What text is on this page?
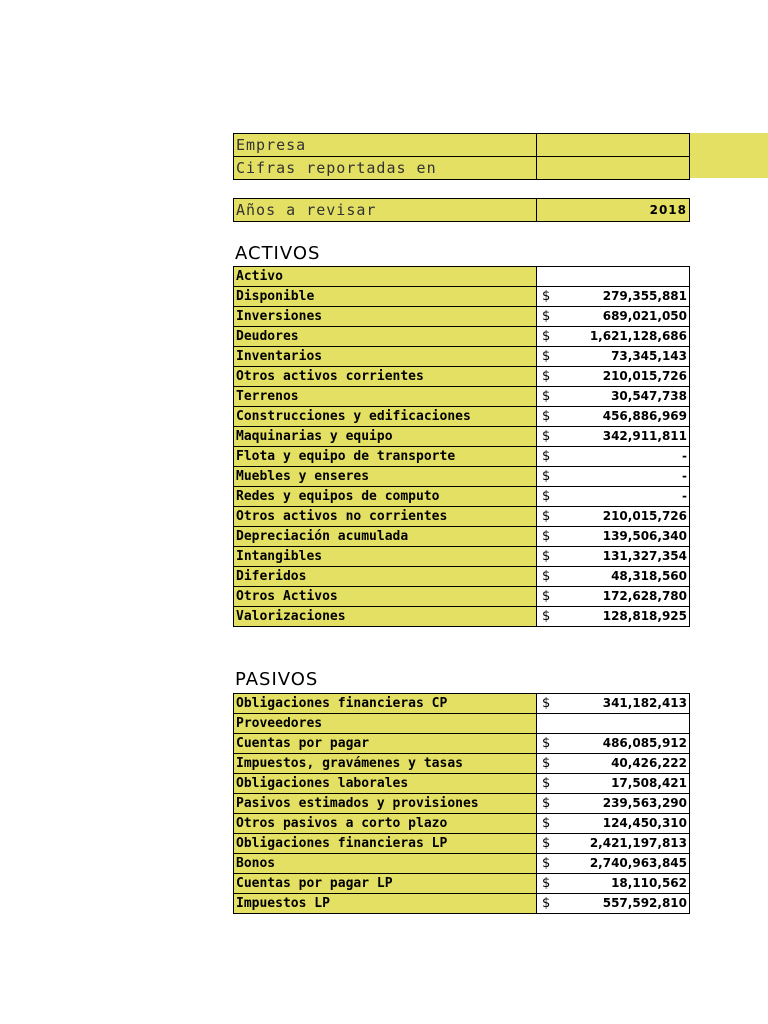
Empresa	
Cifras reportadas en	
Años a revisar	2018
ACTIVOS
Activo	

Disponible	$ 279,355,881
Inversiones	$ 689,021,050
Deudores	$ 1,621,128,686
Inventarios	$ 73,345,143
Otros activos corrientes	$ 210,015,726
Terrenos	$ 30,547,738
Construcciones y edificaciones	$ 456,886,969
Maquinarias y equipo	$ 342,911,811
Flota y equipo de transporte	$ -
Muebles y enseres	$ -
Redes y equipos de computo	$ -
Otros activos no corrientes	$ 210,015,726
Depreciación acumulada	$ 139,506,340
Intangibles	$ 131,327,354
Diferidos	$ 48,318,560
Otros Activos	$ 172,628,780
Valorizaciones	$ 128,818,925
PASIVOS
Obligaciones financieras CP	$ 341,182,413
Proveedores	

Cuentas por pagar	$ 486,085,912
Impuestos, gravámenes y tasas	$ 40,426,222
Obligaciones laborales	$ 17,508,421
Pasivos estimados y provisiones	$ 239,563,290
Otros pasivos a corto plazo	$ 124,450,310
Obligaciones financieras LP	$ 2,421,197,813
Bonos	$ 2,740,963,845
Cuentas por pagar LP	$ 18,110,562
Impuestos LP	$ 557,592,810
